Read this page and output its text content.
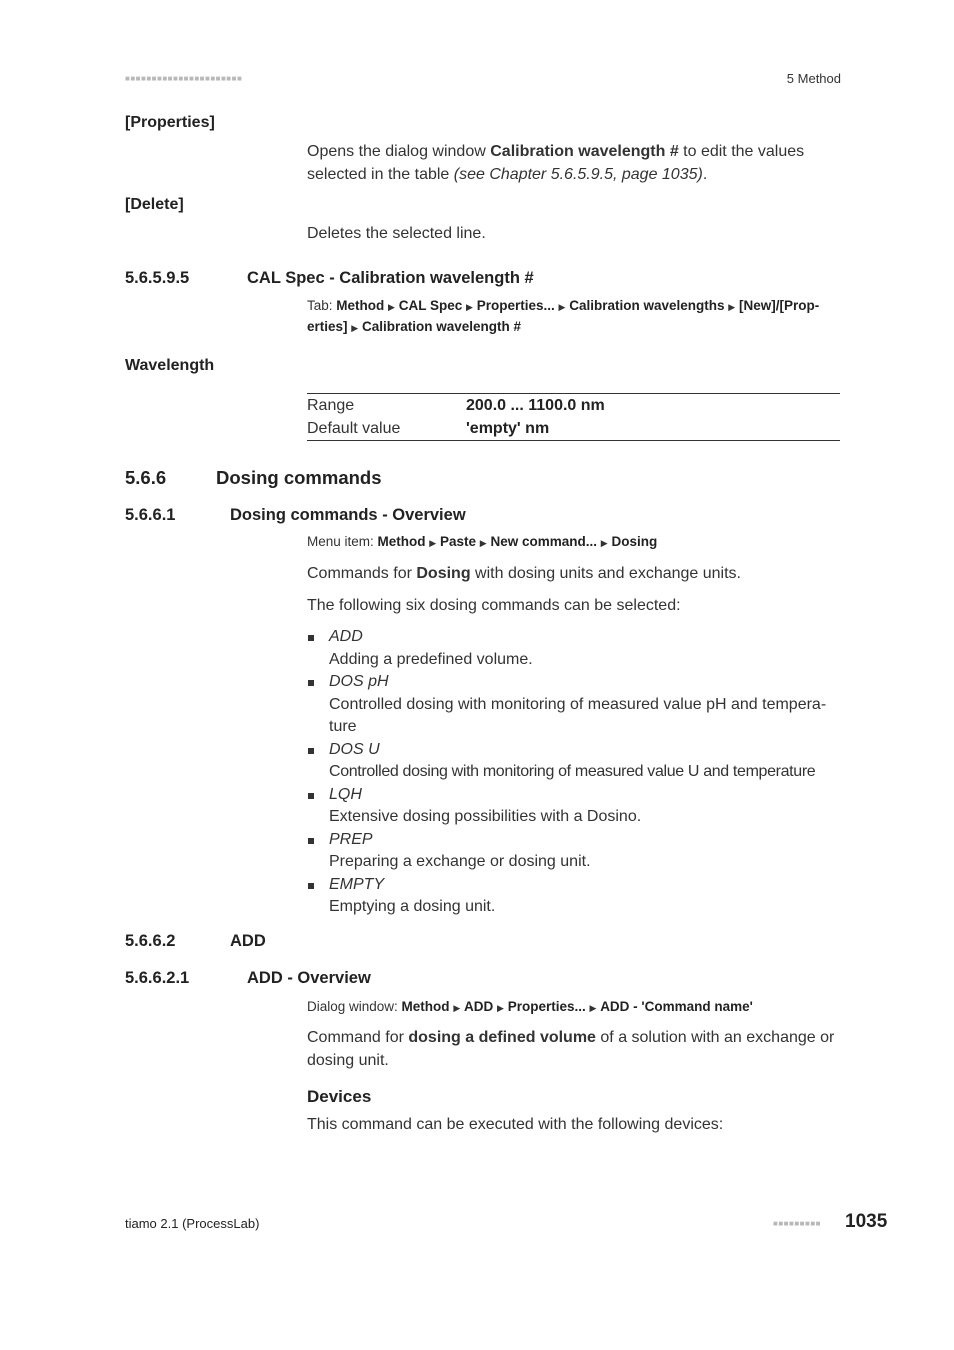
■■■■■■■■■■■■■■■■■■■■■■	5 Method
[Properties]
Opens the dialog window Calibration wavelength # to edit the values selected in the table (see Chapter 5.6.5.9.5, page 1035).
[Delete]
Deletes the selected line.
5.6.5.9.5	CAL Spec - Calibration wavelength #
Tab: Method ▶ CAL Spec ▶ Properties... ▶ Calibration wavelengths ▶ [New]/[Prop-erties] ▶ Calibration wavelength #
Wavelength
Range	200.0 ... 1100.0 nm
Default value	'empty' nm
5.6.6	Dosing commands
5.6.6.1	Dosing commands - Overview
Menu item: Method ▶ Paste ▶ New command... ▶ Dosing
Commands for Dosing with dosing units and exchange units.
The following six dosing commands can be selected:
ADD
Adding a predefined volume.
DOS pH
Controlled dosing with monitoring of measured value pH and tempera-ture
DOS U
Controlled dosing with monitoring of measured value U and temperature
LQH
Extensive dosing possibilities with a Dosino.
PREP
Preparing a exchange or dosing unit.
EMPTY
Emptying a dosing unit.
5.6.6.2	ADD
5.6.6.2.1	ADD - Overview
Dialog window: Method ▶ ADD ▶ Properties... ▶ ADD - 'Command name'
Command for dosing a defined volume of a solution with an exchange or dosing unit.
Devices
This command can be executed with the following devices:
tiamo 2.1 (ProcessLab)	■■■■■■■■■ 1035
